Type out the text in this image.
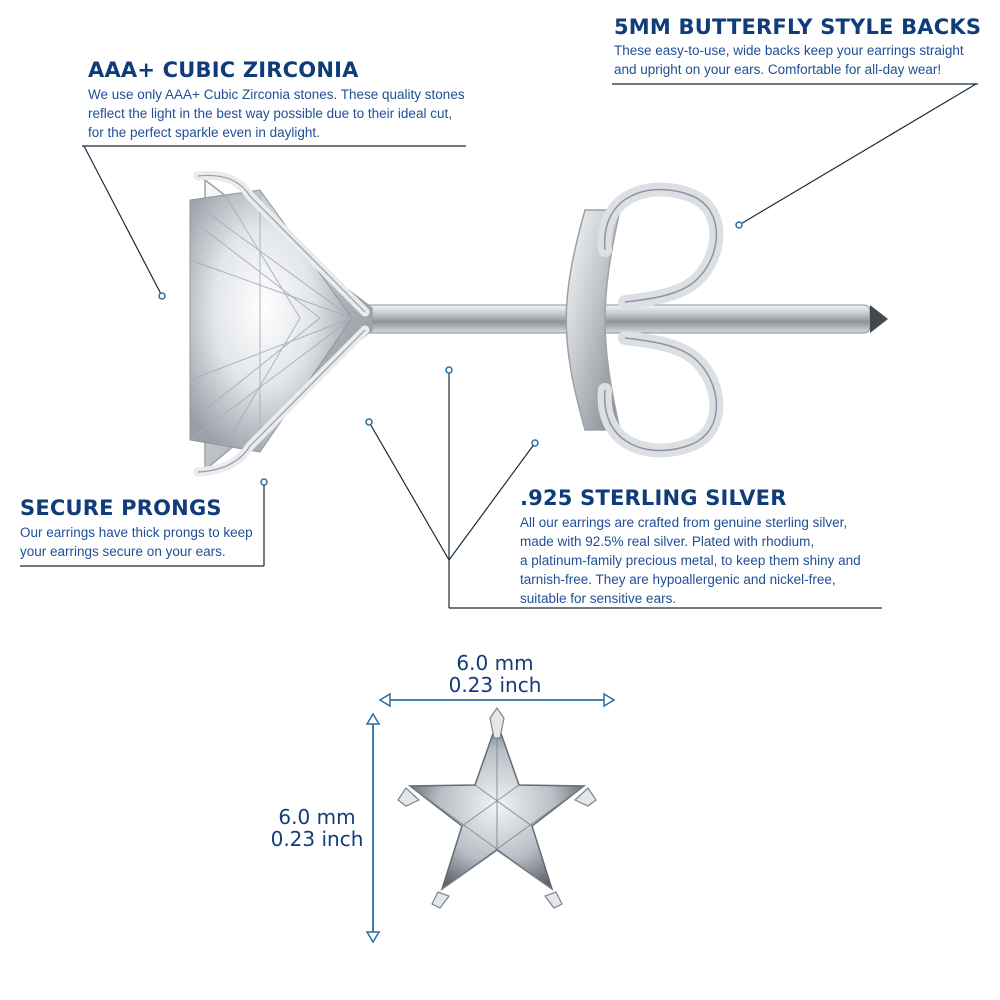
AAA+ CUBIC ZIRCONIA
We use only AAA+ Cubic Zirconia stones. These quality stones
reflect the light in the best way possible due to their ideal cut,
for the perfect sparkle even in daylight.
5MM BUTTERFLY STYLE BACKS
These easy-to-use, wide backs keep your earrings straight
and upright on your ears. Comfortable for all-day wear!
SECURE PRONGS
Our earrings have thick prongs to keep
your earrings secure on your ears.
.925 STERLING SILVER
All our earrings are crafted from genuine sterling silver,
made with 92.5% real silver. Plated with rhodium,
a platinum-family precious metal, to keep them shiny and
tarnish-free. They are hypoallergenic and nickel-free,
suitable for sensitive ears.
6.0 mm
0.23 inch
6.0 mm
0.23 inch
